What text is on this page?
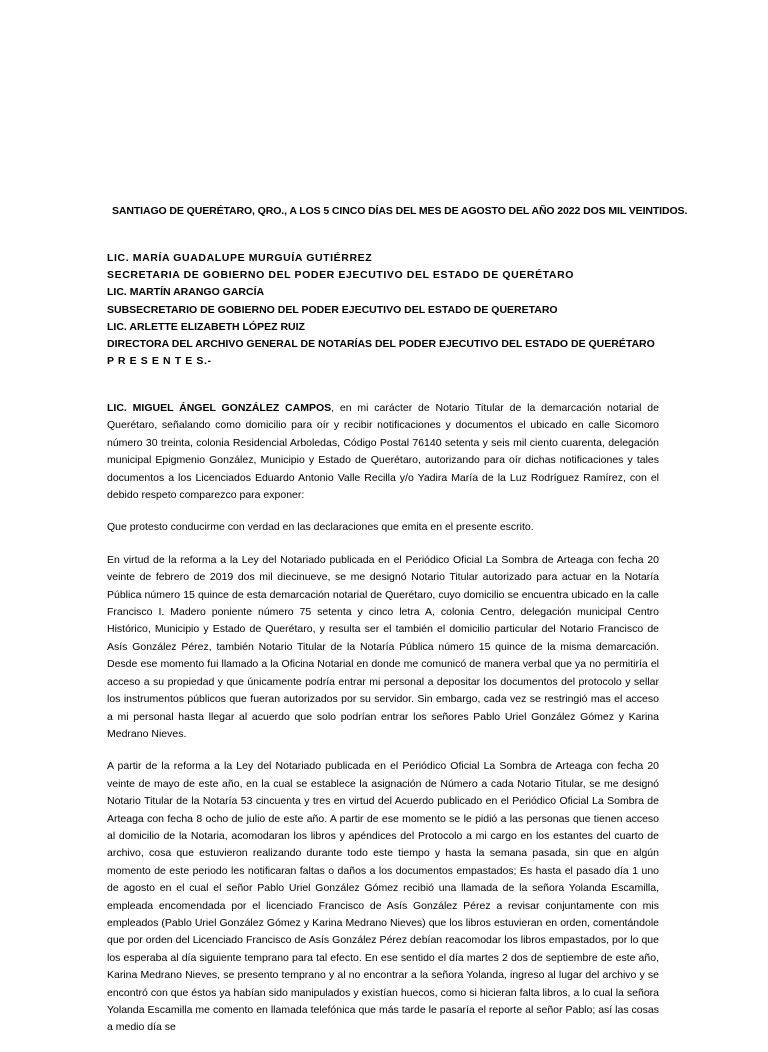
SANTIAGO DE QUERÉTARO, QRO., A LOS 5 CINCO DÍAS DEL MES DE AGOSTO DEL AÑO 2022 DOS MIL VEINTIDOS.
LIC. MARÍA GUADALUPE MURGUÍA GUTIÉRREZ
SECRETARIA DE GOBIERNO DEL PODER EJECUTIVO DEL ESTADO DE QUERÉTARO
LIC. MARTÍN ARANGO GARCÍA
SUBSECRETARIO DE GOBIERNO DEL PODER EJECUTIVO DEL ESTADO DE QUERETARO
LIC. ARLETTE ELIZABETH LÓPEZ RUIZ
DIRECTORA DEL ARCHIVO GENERAL DE NOTARÍAS DEL PODER EJECUTIVO DEL ESTADO DE QUERÉTARO
P R E S E N T E S.-

LIC. MIGUEL ÁNGEL GONZÁLEZ CAMPOS, en mi carácter de Notario Titular de la demarcación notarial de Querétaro, señalando como domicilio para oír y recibir notificaciones y documentos el ubicado en calle Sicomoro número 30 treinta, colonia Residencial Arboledas, Código Postal 76140 setenta y seis mil ciento cuarenta, delegación municipal Epigmenio González, Municipio y Estado de Querétaro, autorizando para oír dichas notificaciones y tales documentos a los Licenciados Eduardo Antonio Valle Recilla y/o Yadira María de la Luz Rodríguez Ramírez, con el debido respeto comparezco para exponer:

Que protesto conducirme con verdad en las declaraciones que emita en el presente escrito.

En virtud de la reforma a la Ley del Notariado publicada en el Periódico Oficial La Sombra de Arteaga con fecha 20 veinte de febrero de 2019 dos mil diecinueve, se me designó Notario Titular autorizado para actuar en la Notaría Pública número 15 quince de esta demarcación notarial de Querétaro, cuyo domicilio se encuentra ubicado en la calle Francisco I. Madero poniente número 75 setenta y cinco letra A, colonia Centro, delegación municipal Centro Histórico, Municipio y Estado de Querétaro, y resulta ser el también el domicilio particular del Notario Francisco de Asís González Pérez, también Notario Titular de la Notaría Pública número 15 quince de la misma demarcación. Desde ese momento fui llamado a la Oficina Notarial en donde me comunicó de manera verbal que ya no permitiría el acceso a su propiedad y que únicamente podría entrar mi personal a depositar los documentos del protocolo y sellar los instrumentos públicos que fueran autorizados por su servidor. Sin embargo, cada vez se restringió mas el acceso a mi personal hasta llegar al acuerdo que solo podrían entrar los señores Pablo Uriel González Gómez y Karina Medrano Nieves.

A partir de la reforma a la Ley del Notariado publicada en el Periódico Oficial La Sombra de Arteaga con fecha 20 veinte de mayo de este año, en la cual se establece la asignación de Número a cada Notario Titular, se me designó Notario Titular de la Notaría 53 cincuenta y tres en virtud del Acuerdo publicado en el Periódico Oficial La Sombra de Arteaga con fecha 8 ocho de julio de este año. A partir de ese momento se le pidió a las personas que tienen acceso al domicilio de la Notaria, acomodaran los libros y apéndices del Protocolo a mi cargo en los estantes del cuarto de archivo, cosa que estuvieron realizando durante todo este tiempo y hasta la semana pasada, sin que en algún momento de este periodo les notificaran faltas o daños a los documentos empastados; Es hasta el pasado día 1 uno de agosto en el cual el señor Pablo Uriel González Gómez recibió una llamada de la señora Yolanda Escamilla, empleada encomendada por el licenciado Francisco de Asís González Pérez a revisar conjuntamente con mis empleados (Pablo Uriel González Gómez y Karina Medrano Nieves) que los libros estuvieran en orden, comentándole que por orden del Licenciado Francisco de Asís González Pérez debían reacomodar los libros empastados, por lo que los esperaba al día siguiente temprano para tal efecto. En ese sentido el día martes 2 dos de septiembre de este año, Karina Medrano Nieves, se presento temprano y al no encontrar a la señora Yolanda, ingreso al lugar del archivo y se encontró con que éstos ya habían sido manipulados y existían huecos, como si hicieran falta libros, a lo cual la señora Yolanda Escamilla me comento en llamada telefónica que más tarde le pasaría el reporte al señor Pablo; así las cosas a medio día se
